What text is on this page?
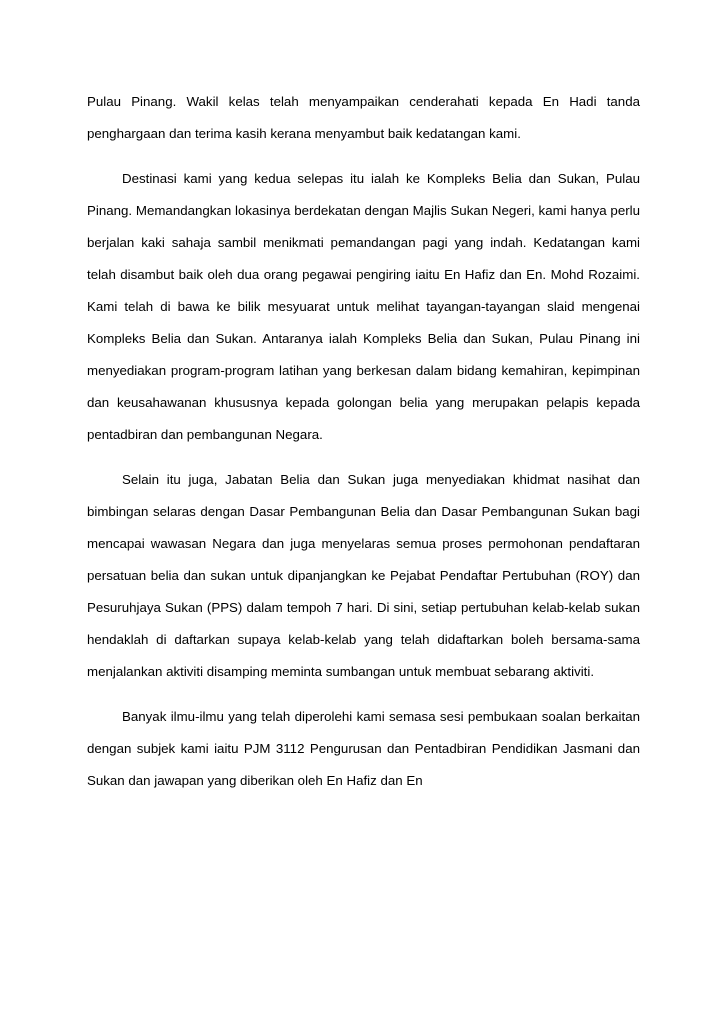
Pulau Pinang. Wakil kelas telah menyampaikan cenderahati kepada En Hadi tanda penghargaan dan terima kasih kerana menyambut baik kedatangan kami.

Destinasi kami yang kedua selepas itu ialah ke Kompleks Belia dan Sukan, Pulau Pinang. Memandangkan lokasinya berdekatan dengan Majlis Sukan Negeri, kami hanya perlu berjalan kaki sahaja sambil menikmati pemandangan pagi yang indah. Kedatangan kami telah disambut baik oleh dua orang pegawai pengiring iaitu En Hafiz dan En. Mohd Rozaimi. Kami telah di bawa ke bilik mesyuarat untuk melihat tayangan-tayangan slaid mengenai Kompleks Belia dan Sukan. Antaranya ialah Kompleks Belia dan Sukan, Pulau Pinang ini menyediakan program-program latihan yang berkesan dalam bidang kemahiran, kepimpinan dan keusahawanan khususnya kepada golongan belia yang merupakan pelapis kepada pentadbiran dan pembangunan Negara.

Selain itu juga, Jabatan Belia dan Sukan juga menyediakan khidmat nasihat dan bimbingan selaras dengan Dasar Pembangunan Belia dan Dasar Pembangunan Sukan bagi mencapai wawasan Negara dan juga menyelaras semua proses permohonan pendaftaran persatuan belia dan sukan untuk dipanjangkan ke Pejabat Pendaftar Pertubuhan (ROY) dan Pesuruhjaya Sukan (PPS) dalam tempoh 7 hari. Di sini, setiap pertubuhan kelab-kelab sukan hendaklah di daftarkan supaya kelab-kelab yang telah didaftarkan boleh bersama-sama menjalankan aktiviti disamping meminta sumbangan untuk membuat sebarang aktiviti.

Banyak ilmu-ilmu yang telah diperolehi kami semasa sesi pembukaan soalan berkaitan dengan subjek kami iaitu PJM 3112 Pengurusan dan Pentadbiran Pendidikan Jasmani dan Sukan dan jawapan yang diberikan oleh En Hafiz dan En
